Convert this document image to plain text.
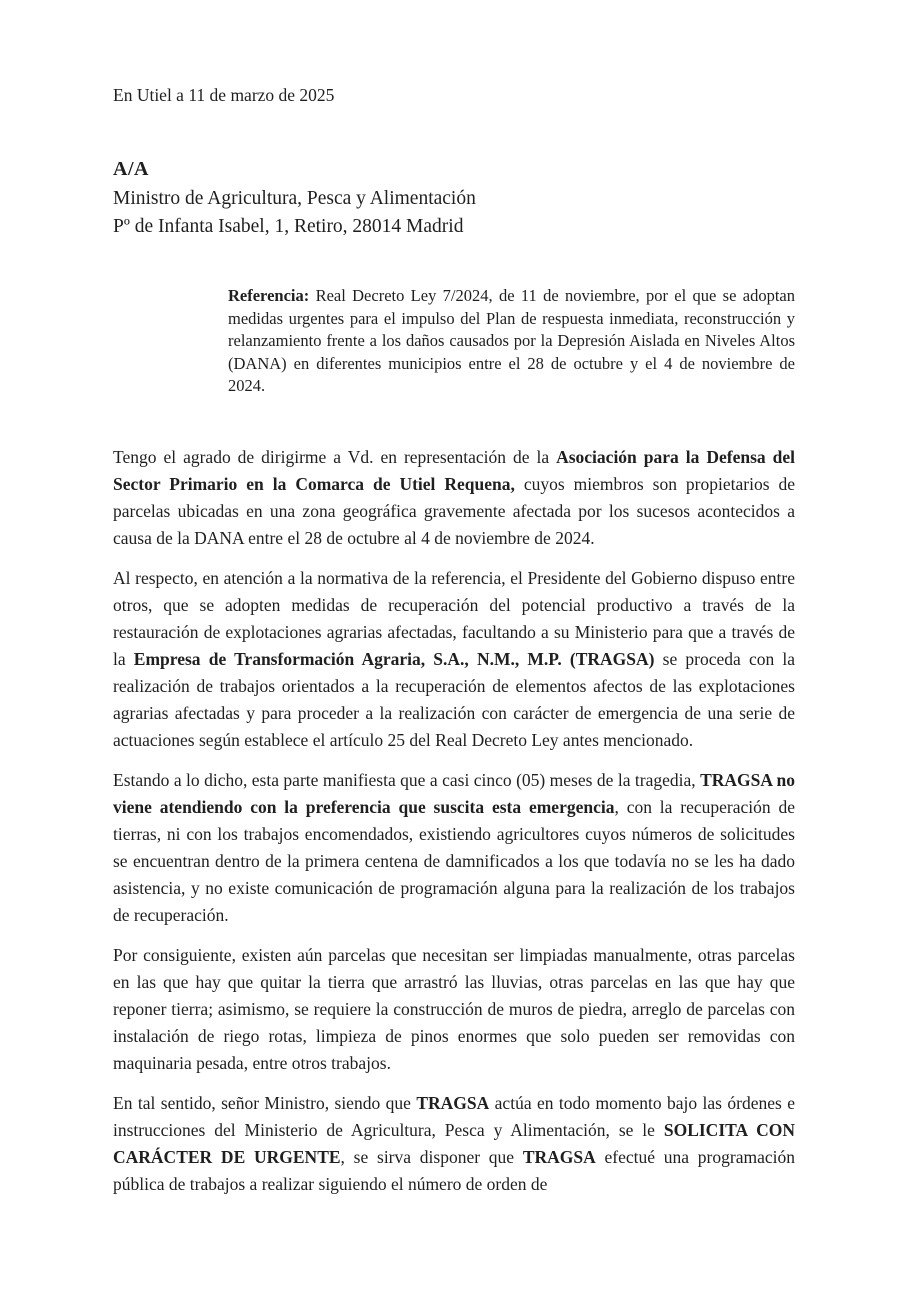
En Utiel a 11 de marzo de 2025
A/A
Ministro de Agricultura, Pesca y Alimentación
Pº de Infanta Isabel, 1, Retiro, 28014 Madrid
Referencia: Real Decreto Ley 7/2024, de 11 de noviembre, por el que se adoptan medidas urgentes para el impulso del Plan de respuesta inmediata, reconstrucción y relanzamiento frente a los daños causados por la Depresión Aislada en Niveles Altos (DANA) en diferentes municipios entre el 28 de octubre y el 4 de noviembre de 2024.

Tengo el agrado de dirigirme a Vd. en representación de la Asociación para la Defensa del Sector Primario en la Comarca de Utiel Requena, cuyos miembros son propietarios de parcelas ubicadas en una zona geográfica gravemente afectada por los sucesos acontecidos a causa de la DANA entre el 28 de octubre al 4 de noviembre de 2024.

Al respecto, en atención a la normativa de la referencia, el Presidente del Gobierno dispuso entre otros, que se adopten medidas de recuperación del potencial productivo a través de la restauración de explotaciones agrarias afectadas, facultando a su Ministerio para que a través de la Empresa de Transformación Agraria, S.A., N.M., M.P. (TRAGSA) se proceda con la realización de trabajos orientados a la recuperación de elementos afectos de las explotaciones agrarias afectadas y para proceder a la realización con carácter de emergencia de una serie de actuaciones según establece el artículo 25 del Real Decreto Ley antes mencionado.

Estando a lo dicho, esta parte manifiesta que a casi cinco (05) meses de la tragedia, TRAGSA no viene atendiendo con la preferencia que suscita esta emergencia, con la recuperación de tierras, ni con los trabajos encomendados, existiendo agricultores cuyos números de solicitudes se encuentran dentro de la primera centena de damnificados a los que todavía no se les ha dado asistencia, y no existe comunicación de programación alguna para la realización de los trabajos de recuperación.

Por consiguiente, existen aún parcelas que necesitan ser limpiadas manualmente, otras parcelas en las que hay que quitar la tierra que arrastró las lluvias, otras parcelas en las que hay que reponer tierra; asimismo, se requiere la construcción de muros de piedra, arreglo de parcelas con instalación de riego rotas, limpieza de pinos enormes que solo pueden ser removidas con maquinaria pesada, entre otros trabajos.

En tal sentido, señor Ministro, siendo que TRAGSA actúa en todo momento bajo las órdenes e instrucciones del Ministerio de Agricultura, Pesca y Alimentación, se le SOLICITA CON CARÁCTER DE URGENTE, se sirva disponer que TRAGSA efectué una programación pública de trabajos a realizar siguiendo el número de orden de
